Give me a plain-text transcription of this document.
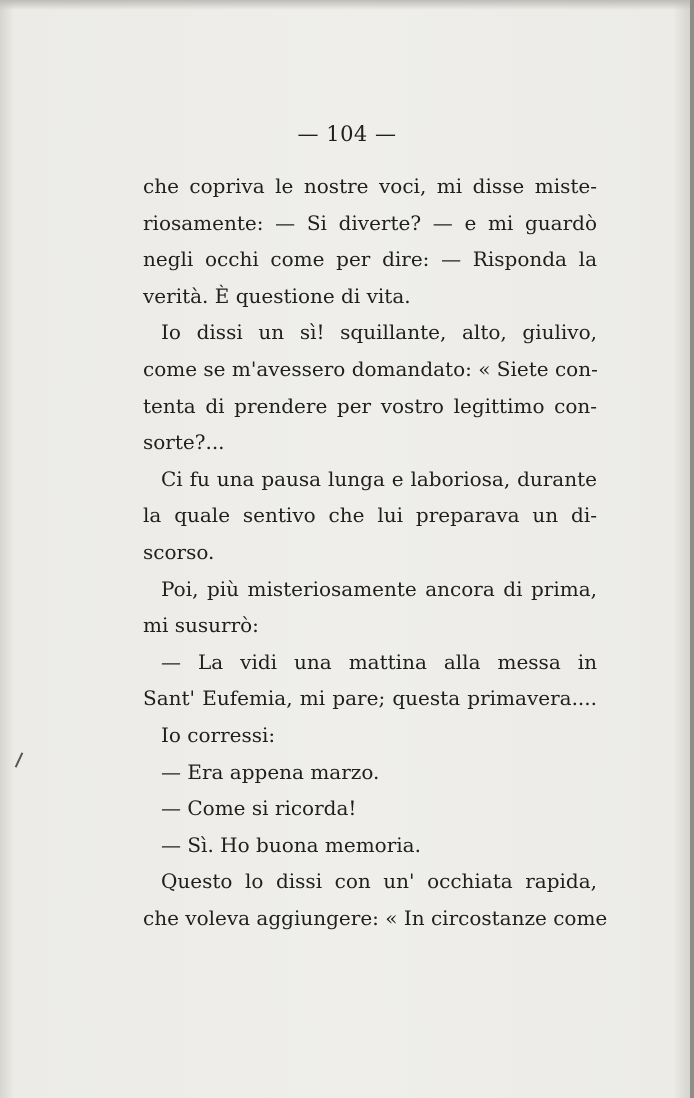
— 104 —
che copriva le nostre voci, mi disse miste-
riosamente: — Si diverte? — e mi guardò
negli occhi come per dire: — Risponda la
verità. È questione di vita.
Io dissi un sì! squillante, alto, giulivo,
come se m'avessero domandato: « Siete con-
tenta di prendere per vostro legittimo con-
sorte?...
Ci fu una pausa lunga e laboriosa, durante
la quale sentivo che lui preparava un di-
scorso.
Poi, più misteriosamente ancora di prima,
mi susurrò:
— La vidi una mattina alla messa in
Sant' Eufemia, mi pare; questa primavera....
Io corressi:
— Era appena marzo.
— Come si ricorda!
— Sì. Ho buona memoria.
Questo lo dissi con un' occhiata rapida,
che voleva aggiungere: « In circostanze come
